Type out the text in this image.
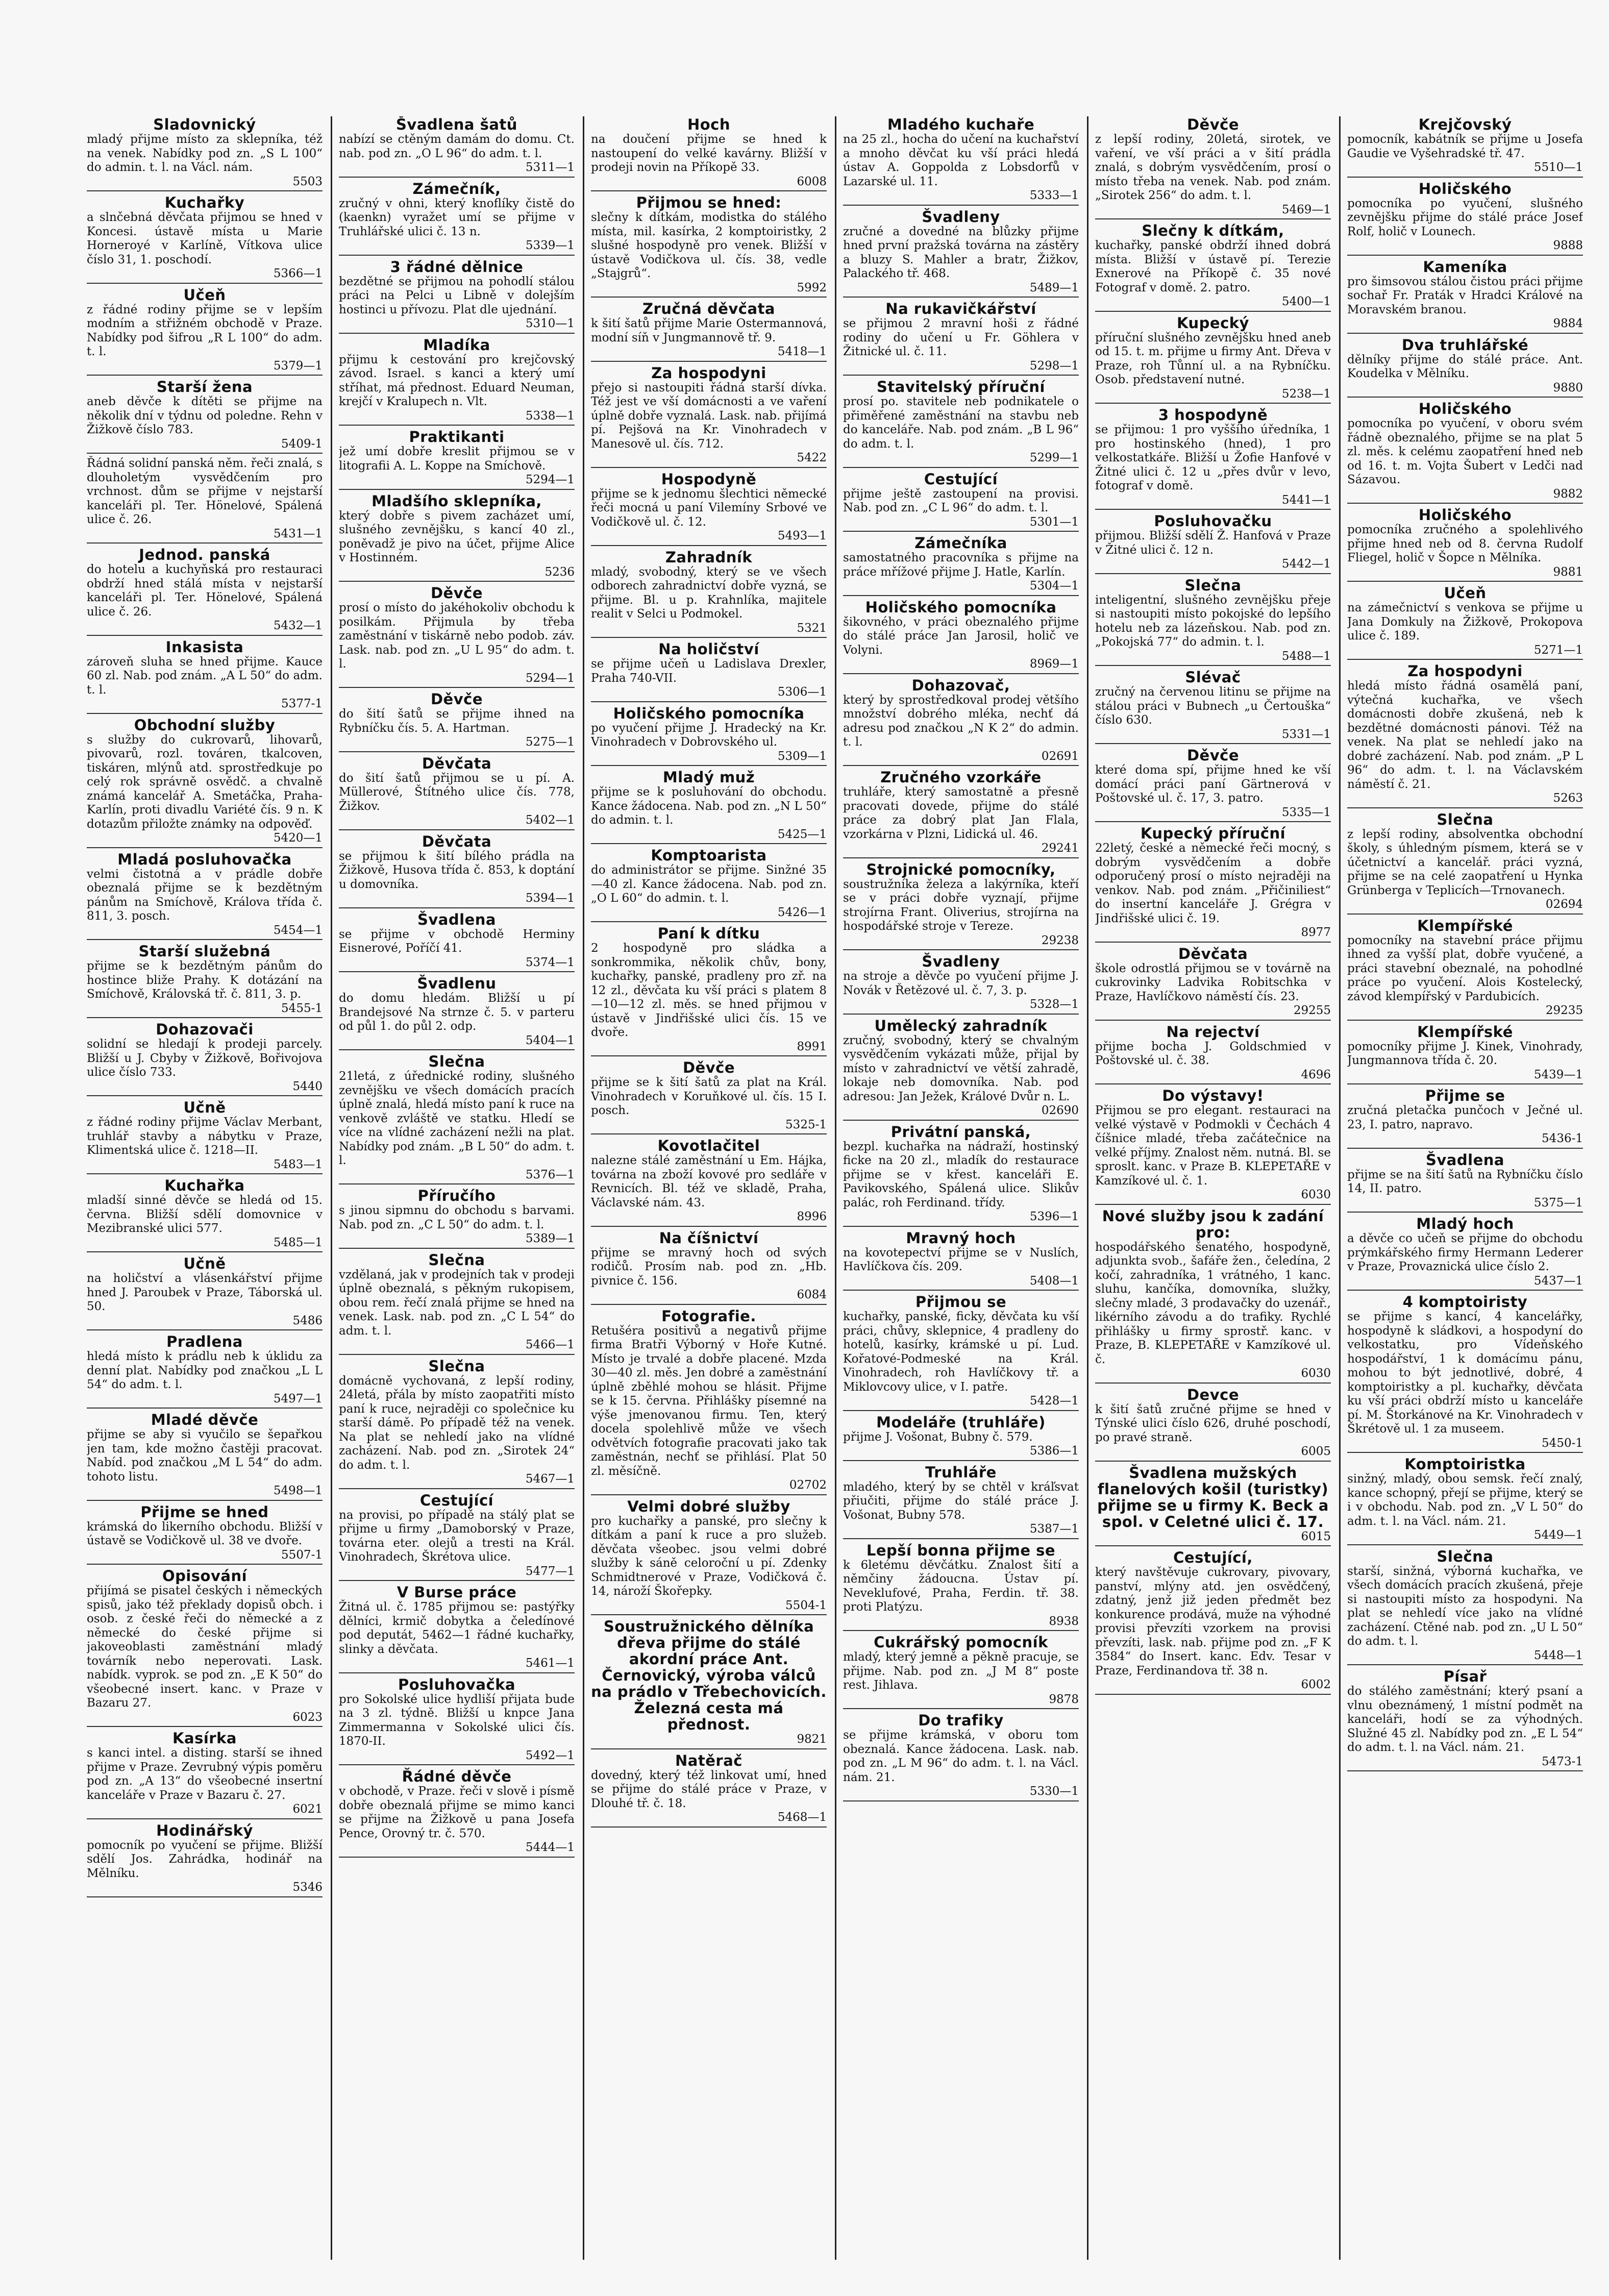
Sladovnický
mladý přijme místo za sklepníka, též na venek. Nabídky pod zn. „S L 100“ do admin. t. l. na Václ. nám.
5503
Kuchařky
a slnčebná děvčata přijmou se hned v Koncesi. ústavě místa u Marie Horneroyé v Karlíně, Vítkova ulice číslo 31, 1. poschodí.
5366—1
Učeň
z řádné rodiny přijme se v lepším modním a střižném obchodě v Praze. Nabídky pod šifrou „R L 100“ do adm. t. l.
5379—1
Starší žena
aneb děvče k dítěti se přijme na několik dní v týdnu od poledne. Rehn v Žižkově číslo 783.
5409-1
Řádná solidní panská něm. řeči znalá, s dlouholetým vysvědčením pro vrchnost. dům se přijme v nejstarší kanceláři pl. Ter. Hönelové, Spálená ulice č. 26.
5431—1
Jednod. panská
do hotelu a kuchyňská pro restauraci obdrží hned stálá místa v nejstarší kanceláři pl. Ter. Hönelové, Spálená ulice č. 26.
5432—1
Inkasista
zároveň sluha se hned přijme. Kauce 60 zl. Nab. pod znám. „A L 50“ do adm. t. l.
5377-1
Obchodní služby
s služby do cukrovarů, lihovarů, pivovarů, rozl. továren, tkalcoven, tiskáren, mlýnů atd. sprostředkuje po celý rok správně osvědč. a chvalně známá kancelář A. Smetáčka, Praha-Karlín, proti divadlu Variété čís. 9 n. K dotazům přiložte známky na odpověď.
5420—1
Mladá posluhovačka
velmi čistotná a v prádle dobře obeznalá přijme se k bezdětným pánům na Smíchově, Králova třída č. 811, 3. posch.
5454—1
Starší služebná
přijme se k bezdětným pánům do hostince bliže Prahy. K dotázání na Smíchově, Královská tř. č. 811, 3. p.
5455-1
Dohazovači
solidní se hledají k prodeji parcely. Bližší u J. Cbyby v Žižkově, Bořivojova ulice číslo 733.
5440
Učně
z řádné rodiny přijme Václav Merbant, truhlář stavby a nábytku v Praze, Klimentská ulice č. 1218—II.
5483—1
Kuchařka
mladší sinné děvče se hledá od 15. června. Bližší sdělí domovnice v Mezibranské ulici 577.
5485—1
Učně
na holičství a vlásenkářství přijme hned J. Paroubek v Praze, Táborská ul. 50.
5486
Pradlena
hledá místo k prádlu neb k úklidu za denní plat. Nabídky pod značkou „L L 54“ do adm. t. l.
5497—1
Mladé děvče
přijme se aby si vyučilo se šepařkou jen tam, kde možno častěji pracovat. Nabíd. pod značkou „M L 54“ do adm. tohoto listu.
5498—1
Přijme se hned
krámská do likerního obchodu. Bližší v ústavě se Vodičkově ul. 38 ve dvoře.
5507-1
Opisování
přijímá se pisatel českých i německých spisů, jako též překlady dopisů obch. i osob. z české řeči do německé a z německé do české přijme si jakoveoblasti zaměstnání mladý továrník nebo neperovati. Lask. nabídk. vyprok. se pod zn. „E K 50“ do všeobecné insert. kanc. v Praze v Bazaru 27.
6023
Kasírka
s kanci intel. a disting. starší se ihned přijme v Praze. Zevrubný výpis poměru pod zn. „A 13“ do všeobecné insertní kanceláře v Praze v Bazaru č. 27.
6021
Hodinářský
pomocník po vyučení se přijme. Bližší sdělí Jos. Zahrádka, hodinář na Mělníku.
5346
Švadlena šatů
nabízí se ctěným damám do domu. Ct. nab. pod zn. „O L 96“ do adm. t. l.
5311—1
Zámečník,
zručný v ohni, který knoflíky čistě do (kaenkn) vyražet umí se přijme v Truhlářské ulici č. 13 n.
5339—1
3 řádné dělnice
bezdětné se přijmou na pohodlí stálou práci na Pelci u Libně v dolejším hostinci u přívozu. Plat dle ujednání.
5310—1
Mladíka
přijmu k cestování pro krejčovský závod. Israel. s kanci a který umí stříhat, má přednost. Eduard Neuman, krejčí v Kralupech n. Vlt.
5338—1
Praktikanti
jež umí dobře kreslit přijmou se v litografii A. L. Koppe na Smíchově.
5294—1
Mladšího sklepníka,
který dobře s pivem zacházet umí, slušného zevnějšku, s kancí 40 zl., poněvadž je pivo na účet, přijme Alice v Hostinném.
5236
Děvče
prosí o místo do jakéhokoliv obchodu k posilkám. Přijmula by třeba zaměstnání v tiskárně nebo podob. záv. Lask. nab. pod zn. „U L 95“ do adm. t. l.
5294—1
Děvče
do šití šatů se přijme ihned na Rybníčku čís. 5. A. Hartman.
5275—1
Děvčata
do šití šatů přijmou se u pí. A. Müllerové, Štítného ulice čís. 778, Žižkov.
5402—1
Děvčata
se přijmou k šití bílého prádla na Žižkově, Husova třída č. 853, k doptání u domovníka.
5394—1
Švadlena
se přijme v obchodě Herminy Eisnerové, Poříčí 41.
5374—1
Švadlenu
do domu hledám. Bližší u pí Brandejsové Na strnze č. 5. v parteru od půl 1. do půl 2. odp.
5404—1
Slečna
21letá, z úřednické rodiny, slušného zevnějšku ve všech domácích pracích úplně znalá, hledá místo paní k ruce na venkově zvláště ve statku. Hledí se více na vlídné zacházení nežli na plat. Nabídky pod znám. „B L 50“ do adm. t. l.
5376—1
Příručího
s jinou sipmnu do obchodu s barvami. Nab. pod zn. „C L 50“ do adm. t. l.
5389—1
Slečna
vzdělaná, jak v prodejních tak v prodeji úplně obeznalá, s pěkným rukopisem, obou rem. řečí znalá přijme se hned na venek. Lask. nab. pod zn. „C L 54“ do adm. t. l.
5466—1
Slečna
domácně vychovaná, z lepší rodiny, 24letá, přála by místo zaopatřiti místo paní k ruce, nejraději co společnice ku starší dámě. Po případě též na venek. Na plat se nehledí jako na vlídné zacházení. Nab. pod zn. „Sirotek 24“ do adm. t. l.
5467—1
Cestující
na provisi, po případě na stálý plat se přijme u firmy „Damoborský v Praze, továrna eter. olejů a tresti na Král. Vinohradech, Škrétova ulice.
5477—1
V Burse práce
Žitná ul. č. 1785 přijmou se: pastýřky dělníci, krmič dobytka a čeledínové pod deputát, 5462—1 řádné kuchařky, slinky a děvčata.
5461—1
Posluhovačka
pro Sokolské ulice hydliší přijata bude na 3 zl. týdně. Bližší u knpce Jana Zimmermanna v Sokolské ulici čís. 1870-II.
5492—1
Řádné děvče
v obchodě, v Praze. řeči v slově i písmě dobře obeznalá přijme se mimo kanci se přijme na Žižkově u pana Josefa Pence, Orovný tr. č. 570.
5444—1
Hoch
na doučení přijme se hned k nastoupení do velké kavárny. Bližší v prodeji novin na Příkopě 33.
6008
Přijmou se hned:
slečny k dítkám, modistka do stálého místa, mil. kasírka, 2 komptoiristky, 2 slušné hospodyně pro venek. Bližší v ústavě Vodičkova ul. čís. 38, vedle „Stajgrů“.
5992
Zručná děvčata
k šití šatů přijme Marie Ostermannová, modní síň v Jungmannově tř. 9.
5418—1
Za hospodyni
přejo si nastoupiti řádná starší dívka. Též jest ve vší domácnosti a ve vaření úplně dobře vyznalá. Lask. nab. přijímá pí. Pejšová na Kr. Vinohradech v Manesově ul. čís. 712.
5422
Hospodyně
přijme se k jednomu šlechtici německé řeči mocná u paní Vilemíny Srbové ve Vodičkově ul. č. 12.
5493—1
Zahradník
mladý, svobodný, který se ve všech odborech zahradnictví dobře vyzná, se přijme. Bl. u p. Krahnlíka, majitele realit v Selci u Podmokel.
5321
Na holičství
se přijme učeň u Ladislava Drexler, Praha 740-VII.
5306—1
Holičského pomocníka
po vyučení přijme J. Hradecký na Kr. Vinohradech v Dobrovského ul.
5309—1
Mladý muž
přijme se k posluhování do obchodu. Kance žádocena. Nab. pod zn. „N L 50“ do admin. t. l.
5425—1
Komptoarista
do administrátor se přijme. Sinžné 35—40 zl. Kance žádocena. Nab. pod zn. „O L 60“ do admin. t. l.
5426—1
Paní k dítku
2 hospodyně pro sládka a sonkrommika, několik chův, bony, kuchařky, panské, pradleny pro zř. na 12 zl., děvčata ku vší práci s platem 8—10—12 zl. měs. se hned přijmou v ústavě v Jindřišské ulici čís. 15 ve dvoře.
8991
Děvče
přijme se k šití šatů za plat na Král. Vinohradech v Koruňkové ul. čís. 15 I. posch.
5325-1
Kovotlačitel
nalezne stálé zaměstnání u Em. Hájka, továrna na zboží kovové pro sedláře v Revnicích. Bl. též ve skladě, Praha, Václavské nám. 43.
8996
Na číšnictví
přijme se mravný hoch od svých rodičů. Prosím nab. pod zn. „Hb. pivnice č. 156.
6084
Fotografie.
Retušéra positivů a negativů přijme firma Bratři Výborný v Hoře Kutné. Místo je trvalé a dobře placené. Mzda 30—40 zl. měs. Jen dobré a zaměstnání úplně zběhlé mohou se hlásit. Přijme se k 15. června. Přihlášky písemné na výše jmenovanou firmu. Ten, který docela spolehlivě může ve všech odvětvích fotografie pracovati jako tak zaměstnán, nechť se přihlásí. Plat 50 zl. měsíčně.
02702
Velmi dobré služby
pro kuchařky a panské, pro slečny k dítkám a paní k ruce a pro služeb. děvčata všeobec. jsou velmi dobré služby k sáně celoroční u pí. Zdenky Schmidtnerové v Praze, Vodičková č. 14, nároží Škořepky.
5504-1
Soustružnického dělníka dřeva přijme do stálé akordní práce Ant. Černovický, výroba válců na prádlo v Třebechovicích. Železná cesta má přednost.
9821
Natěrač
dovedný, který též linkovat umí, hned se přijme do stálé práce v Praze, v Dlouhé tř. č. 18.
5468—1
Mladého kuchaře
na 25 zl., hocha do učení na kuchařství a mnoho děvčat ku vší práci hledá ústav A. Goppolda z Lobsdorfů v Lazarské ul. 11.
5333—1
Švadleny
zručné a dovedné na blůzky přijme hned první pražská továrna na zástěry a bluzy S. Mahler a bratr, Žižkov, Palackého tř. 468.
5489—1
Na rukavičkářství
se přijmou 2 mravní hoši z řádné rodiny do učení u Fr. Göhlera v Žitnické ul. č. 11.
5298—1
Stavitelský příruční
prosí po. stavitele neb podnikatele o přiměřené zaměstnání na stavbu neb do kanceláře. Nab. pod znám. „B L 96“ do adm. t. l.
5299—1
Cestující
přijme ještě zastoupení na provisi. Nab. pod zn. „C L 96“ do adm. t. l.
5301—1
Zámečníka
samostatného pracovníka s přijme na práce mřížové přijme J. Hatle, Karlín.
5304—1
Holičského pomocníka
šikovného, v práci obeznalého přijme do stálé práce Jan Jarosil, holič ve Volyni.
8969—1
Dohazovač,
který by sprostředkoval prodej většího množství dobrého mléka, nechť dá adresu pod značkou „N K 2“ do admin. t. l.
02691
Zručného vzorkáře
truhláře, který samostatně a přesně pracovati dovede, přijme do stálé práce za dobrý plat Jan Flala, vzorkárna v Plzni, Lidická ul. 46.
29241
Strojnické pomocníky,
soustružníka železa a lakýrníka, kteří se v práci dobře vyznají, přijme strojírna Frant. Oliverius, strojírna na hospodářské stroje v Tereze.
29238
Švadleny
na stroje a děvče po vyučení přijme J. Novák v Řetězové ul. č. 7, 3. p.
5328—1
Umělecký zahradník
zručný, svobodný, který se chvalným vysvědčením vykázati může, přijal by místo v zahradnictví ve větší zahradě, lokaje neb domovníka. Nab. pod adresou: Jan Ježek, Králové Dvůr n. L.
02690
Privátní panská,
bezpl. kuchařka na nádraží, hostinský ficke na 20 zl., mladík do restaurace přijme se v křest. kanceláři E. Pavikovského, Spálená ulice. Slikův palác, roh Ferdinand. třídy.
5396—1
Mravný hoch
na kovotepectví přijme se v Nuslích, Havlíčkova čís. 209.
5408—1
Přijmou se
kuchařky, panské, ficky, děvčata ku vší práci, chůvy, sklepnice, 4 pradleny do hotelů, kasírky, krámské u pí. Lud. Kořatové-Podmeské na Král. Vinohradech, roh Havlíčkovy tř. a Miklovcovy ulice, v I. patře.
5428—1
Modeláře (truhláře)
přijme J. Vošonat, Bubny č. 579.
5386—1
Truhláře
mladého, který by se chtěl v kráľsvat přiučiti, přijme do stálé práce J. Vošonat, Bubny 578.
5387—1
Lepší bonna přijme se
k 6letému děvčátku. Znalost šití a němčiny žádoucna. Ústav pí. Neveklufové, Praha, Ferdin. tř. 38. proti Platýzu.
8938
Cukrářský pomocník
mladý, který jemně a pěkně pracuje, se přijme. Nab. pod zn. „J M 8“ poste rest. Jihlava.
9878
Do trafiky
se přijme krámská, v oboru tom obeznalá. Kance žádocena. Lask. nab. pod zn. „L M 96“ do adm. t. l. na Václ. nám. 21.
5330—1
Děvče
z lepší rodiny, 20letá, sirotek, ve vaření, ve vší práci a v šití prádla znalá, s dobrým vysvědčením, prosí o místo třeba na venek. Nab. pod znám. „Sirotek 256“ do adm. t. l.
5469—1
Slečny k dítkám,
kuchařky, panské obdrží ihned dobrá místa. Bližší v ústavě pí. Terezie Exnerové na Příkopě č. 35 nové Fotograf v domě. 2. patro.
5400—1
Kupecký
příruční slušného zevnějšku hned aneb od 15. t. m. přijme u firmy Ant. Dřeva v Praze, roh Tůnní ul. a na Rybníčku. Osob. představení nutné.
5238—1
3 hospodyně
se přijmou: 1 pro vyššího úředníka, 1 pro hostinského (hned), 1 pro velkostatkáře. Bližší u Žofie Hanfové v Žitné ulici č. 12 u „přes dvůr v levo, fotograf v domě.
5441—1
Posluhovačku
přijmou. Bližší sdělí Ž. Hanfová v Praze v Žitné ulici č. 12 n.
5442—1
Slečna
inteligentní, slušného zevnějšku přeje si nastoupiti místo pokojské do lepšího hotelu neb za lázeňskou. Nab. pod zn. „Pokojská 77“ do admin. t. l.
5488—1
Slévač
zručný na červenou litinu se přijme na stálou práci v Bubnech „u Čertouška“ číslo 630.
5331—1
Děvče
které doma spí, přijme hned ke vší domácí práci paní Gärtnerová v Poštovské ul. č. 17, 3. patro.
5335—1
Kupecký příruční
22letý, české a německé řeči mocný, s dobrým vysvědčením a dobře odporučený prosí o místo nejraději na venkov. Nab. pod znám. „Přičiniliest“ do insertní kanceláře J. Grégra v Jindřišské ulici č. 19.
8977
Děvčata
škole odrostlá přijmou se v továrně na cukrovinky Ladvika Robitschka v Praze, Havlíčkovo náměstí čís. 23.
29255
Na rejectví
přijme bocha J. Goldschmied v Poštovské ul. č. 38.
4696
Do výstavy!
Přijmou se pro elegant. restauraci na velké výstavě v Podmokli v Čechách 4 číšnice mladé, třeba začátečnice na velké příjmy. Znalost něm. nutná. Bl. se sproslt. kanc. v Praze B. KLEPETAŘE v Kamzíkové ul. č. 1.
6030
Nové služby jsou k zadání pro:
hospodářského šenatého, hospodyně, adjunkta svob., šafáře žen., čeledína, 2 kočí, zahradníka, 1 vrátného, 1 kanc. sluhu, kančíka, domovníka, služky, slečny mladé, 3 prodavačky do uzenář., likérního závodu a do trafiky. Rychlé přihlášky u firmy sprostř. kanc. v Praze, B. KLEPETAŘE v Kamzíkové ul. č.
6030
Devce
k šití šatů zručné přijme se hned v Týnské ulici číslo 626, druhé poschodí, po pravé straně.
6005
Švadlena mužských flanelových košil (turistky) přijme se u firmy K. Beck a spol. v Celetné ulici č. 17.
6015
Cestující,
který navštěvuje cukrovary, pivovary, panství, mlýny atd. jen osvědčený, zdatný, jenž již jeden předmět bez konkurence prodává, muže na výhodné provisi převzíti vzorkem na provisi převzíti, lask. nab. přijme pod zn. „F K 3584“ do Insert. kanc. Edv. Tesar v Praze, Ferdinandova tř. 38 n.
6002
Krejčovský
pomocník, kabátník se přijme u Josefa Gaudie ve Vyšehradské tř. 47.
5510—1
Holičského
pomocníka po vyučení, slušného zevnějšku přijme do stálé práce Josef Rolf, holič v Lounech.
9888
Kameníka
pro šimsovou stálou čistou práci přijme sochař Fr. Praták v Hradci Králové na Moravském branou.
9884
Dva truhlářské
dělníky přijme do stálé práce. Ant. Koudelka v Mělníku.
9880
Holičského
pomocníka po vyučení, v oboru svém řádně obeznalého, přijme se na plat 5 zl. měs. k celému zaopatření hned neb od 16. t. m. Vojta Šubert v Ledči nad Sázavou.
9882
Holičského
pomocníka zručného a spolehlivého přijme hned neb od 8. června Rudolf Fliegel, holič v Šopce n Mělníka.
9881
Učeň
na zámečnictví s venkova se přijme u Jana Domkuly na Žižkově, Prokopova ulice č. 189.
5271—1
Za hospodyni
hledá místo řádná osamělá paní, výtečná kuchařka, ve všech domácnosti dobře zkušená, neb k bezdětné domácnosti pánovi. Též na venek. Na plat se nehledí jako na dobré zacházení. Nab. pod znám. „P L 96“ do adm. t. l. na Václavském náměstí č. 21.
5263
Slečna
z lepší rodiny, absolventka obchodní školy, s úhledným písmem, která se v účetnictví a kancelář. práci vyzná, přijme se na celé zaopatření u Hynka Grünberga v Teplicích—Trnovanech.
02694
Klempířské
pomocníky na stavební práce přijmu ihned za vyšší plat, dobře vyučené, a práci stavební obeznalé, na pohodlné práce po vyučení. Alois Kostelecký, závod klempířský v Pardubicích.
29235
Klempířské
pomocníky přijme J. Kinek, Vinohrady, Jungmannova třída č. 20.
5439—1
Přijme se
zručná pletačka punčoch v Ječné ul. 23, I. patro, napravo.
5436-1
Švadlena
přijme se na šití šatů na Rybníčku číslo 14, II. patro.
5375—1
Mladý hoch
a děvče co učeň se přijme do obchodu prýmkářského firmy Hermann Lederer v Praze, Provaznická ulice číslo 2.
5437—1
4 komptoiristy
se přijme s kancí, 4 kancelářky, hospodyně k sládkovi, a hospodyní do velkostatku, pro Vídeňského hospodářství, 1 k domácímu pánu, mohou to být jednotlivé, dobré, 4 komptoiristky a pl. kuchařky, děvčata ku vší práci obdrží místo u kanceláře pí. M. Štorkánové na Kr. Vinohradech v Škrétově ul. 1 za museem.
5450-1
Komptoiristka
sinžný, mladý, obou semsk. řečí znalý, kance schopný, přejí se přijme, který se i v obchodu. Nab. pod zn. „V L 50“ do adm. t. l. na Václ. nám. 21.
5449—1
Slečna
starší, sinžná, výborná kuchařka, ve všech domácích pracích zkušená, přeje si nastoupiti místo za hospodyni. Na plat se nehledí více jako na vlídné zacházení. Ctěné nab. pod zn. „U L 50“ do adm. t. l.
5448—1
Písař
do stálého zaměstnání; který psaní a vlnu obeznámený, 1 místní podmět na kanceláři, hodí se za výhodných. Služné 45 zl. Nabídky pod zn. „E L 54“ do adm. t. l. na Václ. nám. 21.
5473-1
